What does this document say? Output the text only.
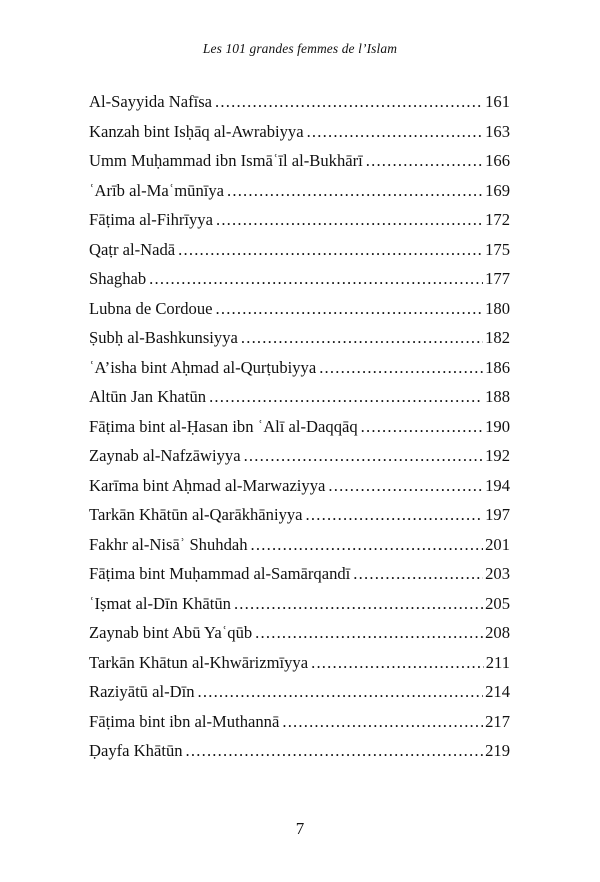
Les 101 grandes femmes de l’Islam
Al-Sayyida Nafīsa .....	161
Kanzah bint Isḥāq al-Awrabiyya .....	163
Umm Muḥammad ibn Ismāʿīl al-Bukhārī .....	166
ʿArīb al-Maʿmūnīya .....	169
Fāṭima al-Fihrīyya .....	172
Qaṭr al-Nadā .....	175
Shaghab .....	177
Lubna de Cordoue .....	180
Ṣubḥ al-Bashkunsiyya .....	182
ʿA’isha bint Aḥmad al-Qurṭubiyya .....	186
Altūn Jan Khatūn .....	188
Fāṭima bint al-Ḥasan ibn ʿAlī al-Daqqāq .....	190
Zaynab al-Nafzāwiyya .....	192
Karīma bint Aḥmad al-Marwaziyya .....	194
Tarkān Khātūn al-Qarākhāniyya .....	197
Fakhr al-Nisāʾ Shuhdah .....	201
Fāṭima bint Muḥammad al-Samārqandī .....	203
ʿIṣmat al-Dīn Khātūn .....	205
Zaynab bint Abū Yaʿqūb .....	208
Tarkān Khātun al-Khwārizmīyya .....	211
Raziyātū al-Dīn .....	214
Fāṭima bint ibn al-Muthannā .....	217
Ḍayfa Khātūn .....	219
7
